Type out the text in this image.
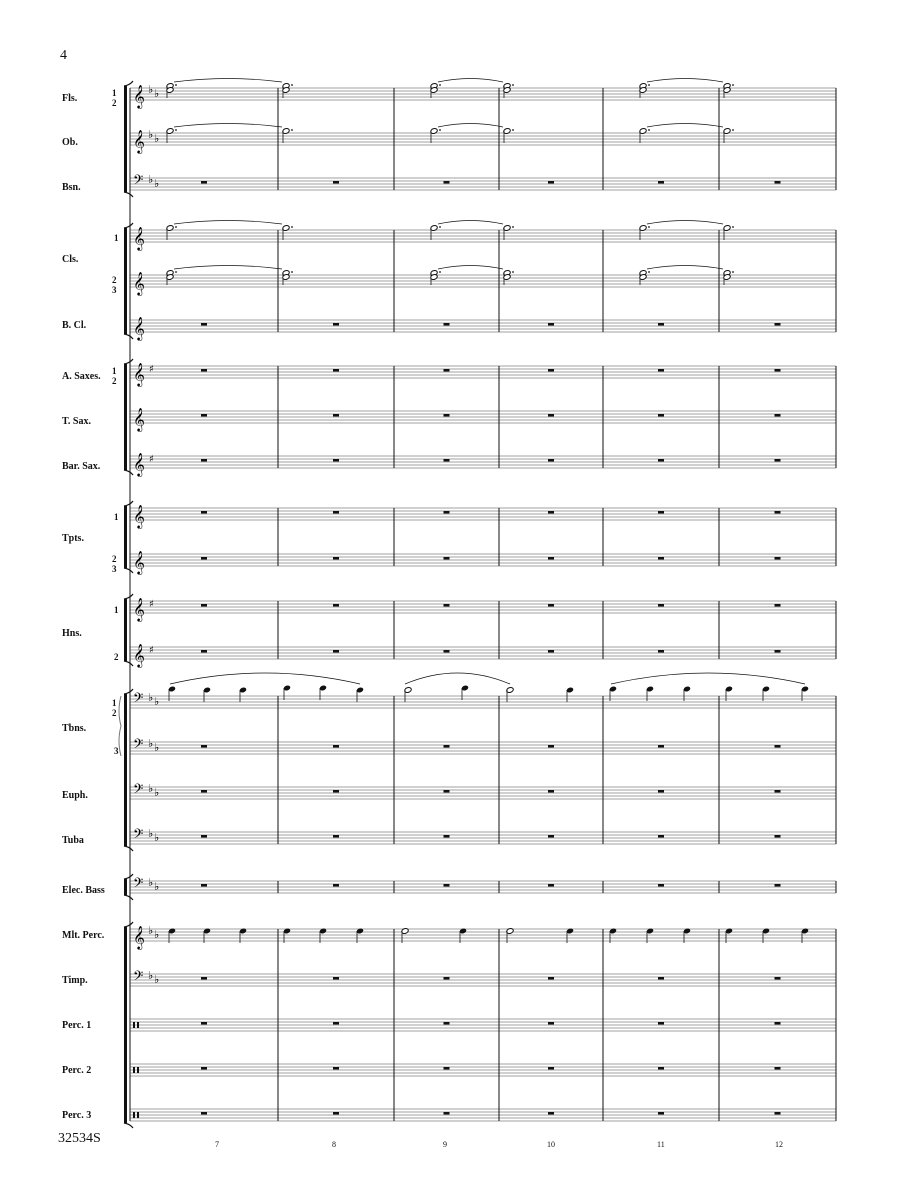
4
32534S
Fls.
Ob.
Bsn.
Cls.
B. Cl.
A. Saxes.
T. Sax.
Bar. Sax.
Tpts.
Hns.
Tbns.
Euph.
Tuba
Elec. Bass
Mlt. Perc.
Timp.
Perc. 1
Perc. 2
Perc. 3
1
2
1
2
3
1
2
1
2
3
1
2
1
2
3
7	8	9	10	11	12
𝄞 ♭ ♭
𝄞 ♭ ♭
𝄢 ♭ ♭
𝄞
𝄞
𝄞
𝄞 ♯
𝄞
𝄞 ♯
𝄞
𝄞
𝄞 ♯
𝄞 ♯
𝄢 ♭ ♭
𝄢 ♭ ♭
𝄢 ♭ ♭
𝄢 ♭ ♭
𝄢 ♭ ♭
𝄞 ♭ ♭
𝄢 ♭ ♭
